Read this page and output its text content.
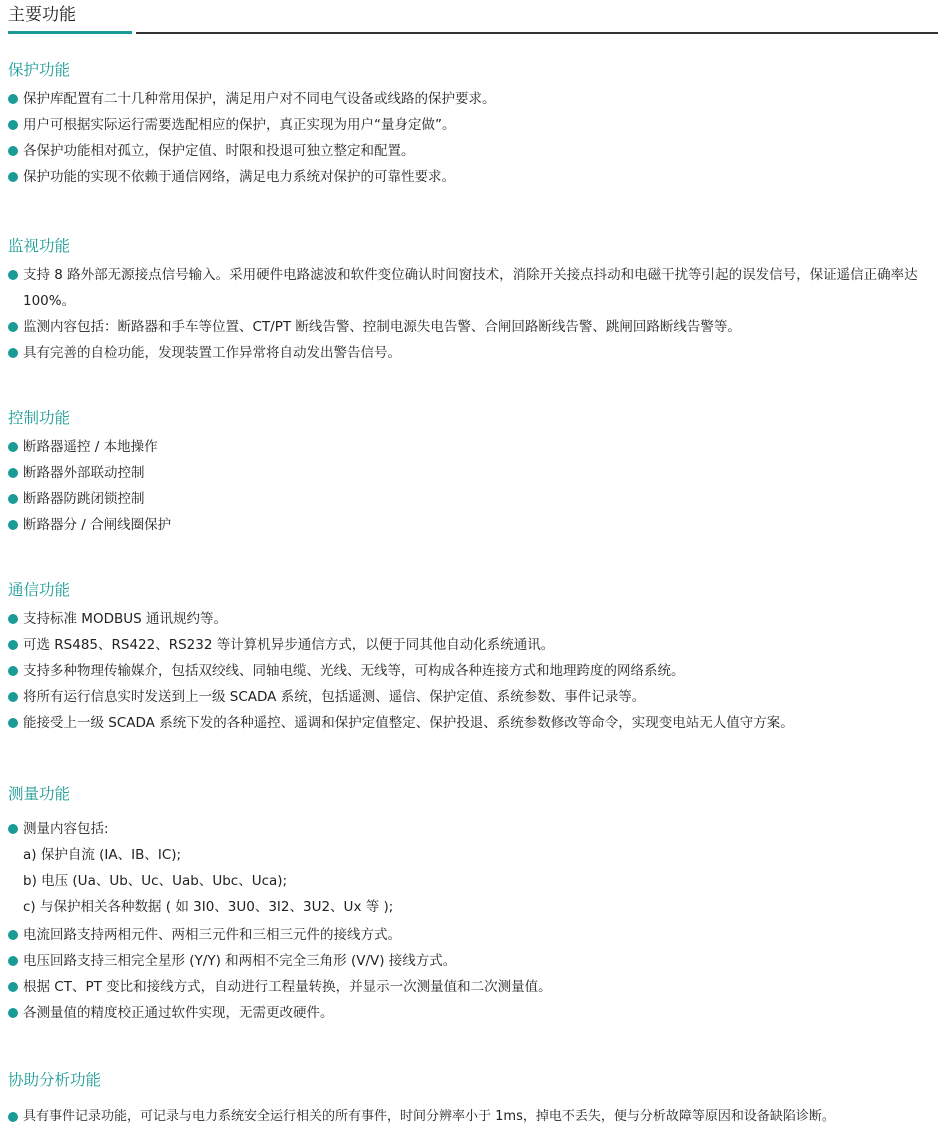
主要功能
保护功能
保护库配置有二十几种常用保护，满足用户对不同电气设备或线路的保护要求。
用户可根据实际运行需要选配相应的保护，真正实现为用户“量身定做”。
各保护功能相对孤立，保护定值、时限和投退可独立整定和配置。
保护功能的实现不依赖于通信网络，满足电力系统对保护的可靠性要求。
监视功能
支持 8 路外部无源接点信号输入。采用硬件电路滤波和软件变位确认时间窗技术，消除开关接点抖动和电磁干扰等引起的误发信号，保证遥信正确率达 100%。
监测内容包括：断路器和手车等位置、CT/PT 断线告警、控制电源失电告警、合闸回路断线告警、跳闸回路断线告警等。
具有完善的自检功能，发现装置工作异常将自动发出警告信号。
控制功能
断路器遥控 / 本地操作
断路器外部联动控制
断路器防跳闭锁控制
断路器分 / 合闸线圈保护
通信功能
支持标准 MODBUS 通讯规约等。
可选 RS485、RS422、RS232 等计算机异步通信方式，以便于同其他自动化系统通讯。
支持多种物理传输媒介，包括双绞线、同轴电缆、光线、无线等，可构成各种连接方式和地理跨度的网络系统。
将所有运行信息实时发送到上一级 SCADA 系统，包括遥测、遥信、保护定值、系统参数、事件记录等。
能接受上一级 SCADA 系统下发的各种遥控、遥调和保护定值整定、保护投退、系统参数修改等命令，实现变电站无人值守方案。
测量功能
测量内容包括:
a) 保护自流 (IA、IB、IC);
b) 电压 (Ua、Ub、Uc、Uab、Ubc、Uca);
c) 与保护相关各种数据 ( 如 3I0、3U0、3I2、3U2、Ux 等 );
电流回路支持两相元件、两相三元件和三相三元件的接线方式。
电压回路支持三相完全星形 (Y/Y) 和两相不完全三角形 (V/V) 接线方式。
根据 CT、PT 变比和接线方式，自动进行工程量转换，并显示一次测量值和二次测量值。
各测量值的精度校正通过软件实现，无需更改硬件。
协助分析功能
具有事件记录功能，可记录与电力系统安全运行相关的所有事件，时间分辨率小于 1ms，掉电不丢失，便与分析故障等原因和设备缺陷诊断。
